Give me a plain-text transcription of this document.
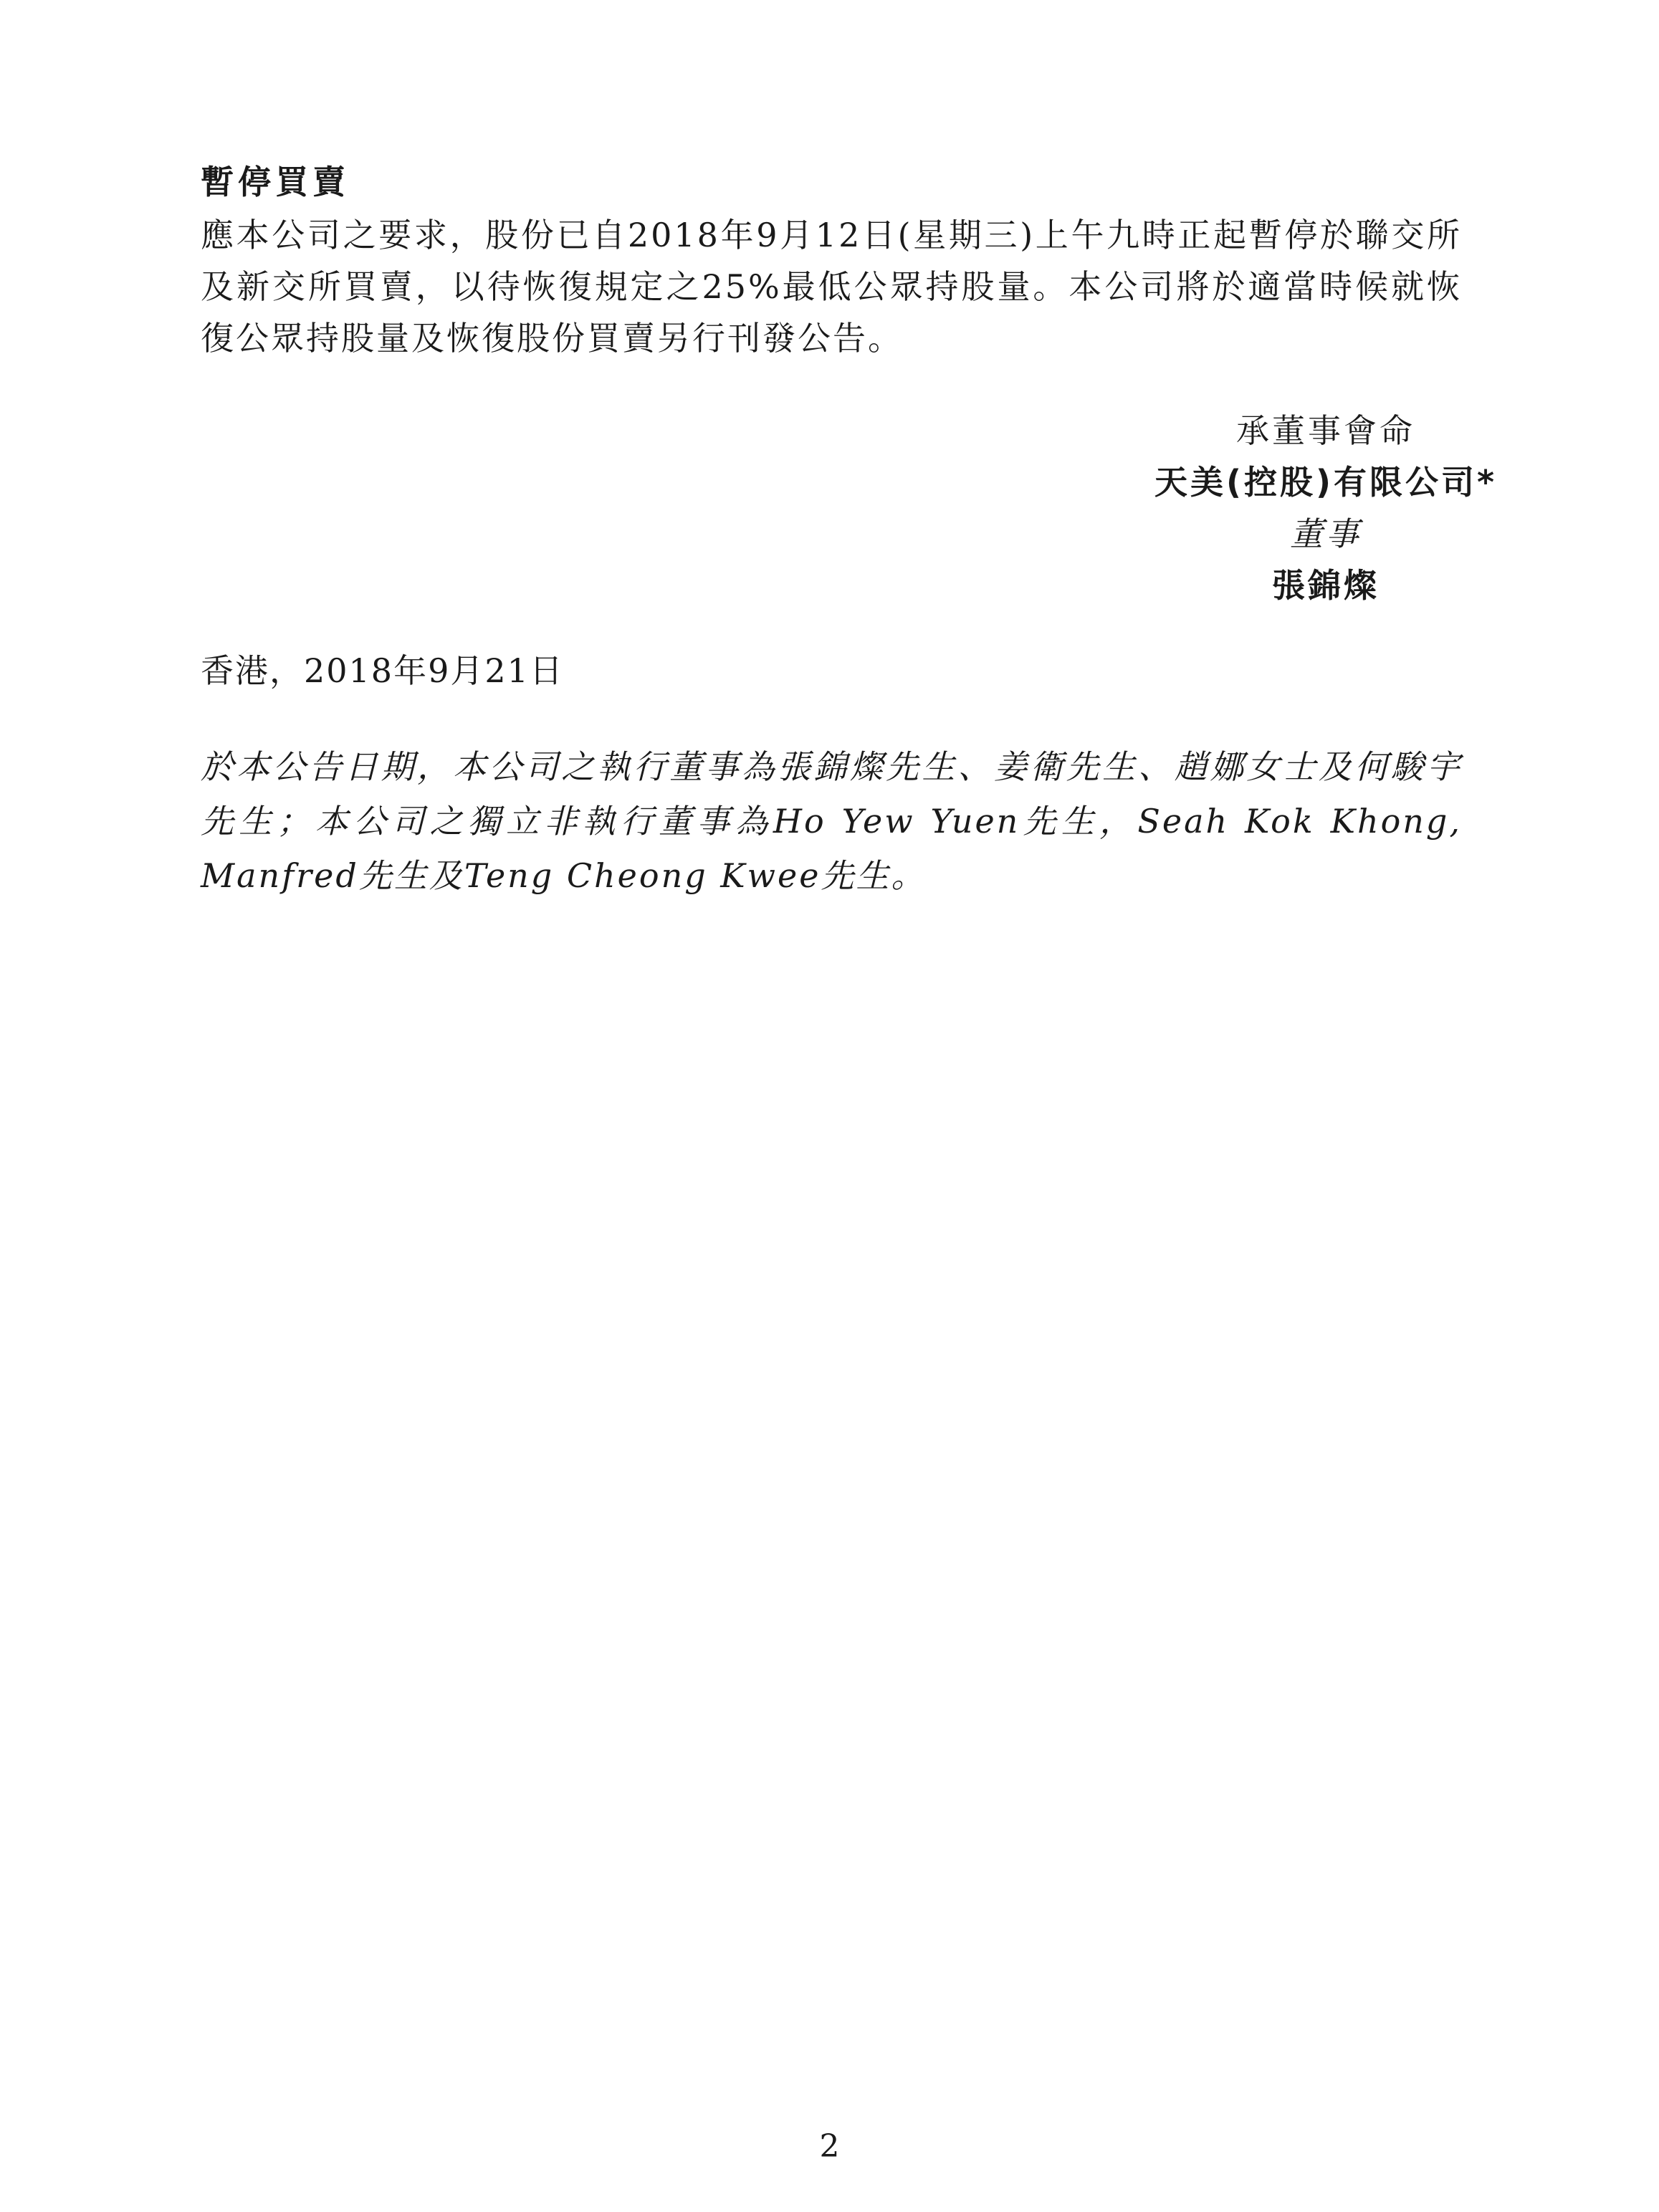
暫停買賣

應本公司之要求，股份已自2018年9月12日(星期三)上午九時正起暫停於聯交所及新交所買賣，以待恢復規定之25%最低公眾持股量。本公司將於適當時候就恢復公眾持股量及恢復股份買賣另行刊發公告。

承董事會命
天美(控股)有限公司*
董事
張錦燦

香港，2018年9月21日

於本公告日期，本公司之執行董事為張錦燦先生、姜衛先生、趙娜女士及何駿宇先生；本公司之獨立非執行董事為Ho Yew Yuen先生，Seah Kok Khong, Manfred先生及Teng Cheong Kwee先生。

2
